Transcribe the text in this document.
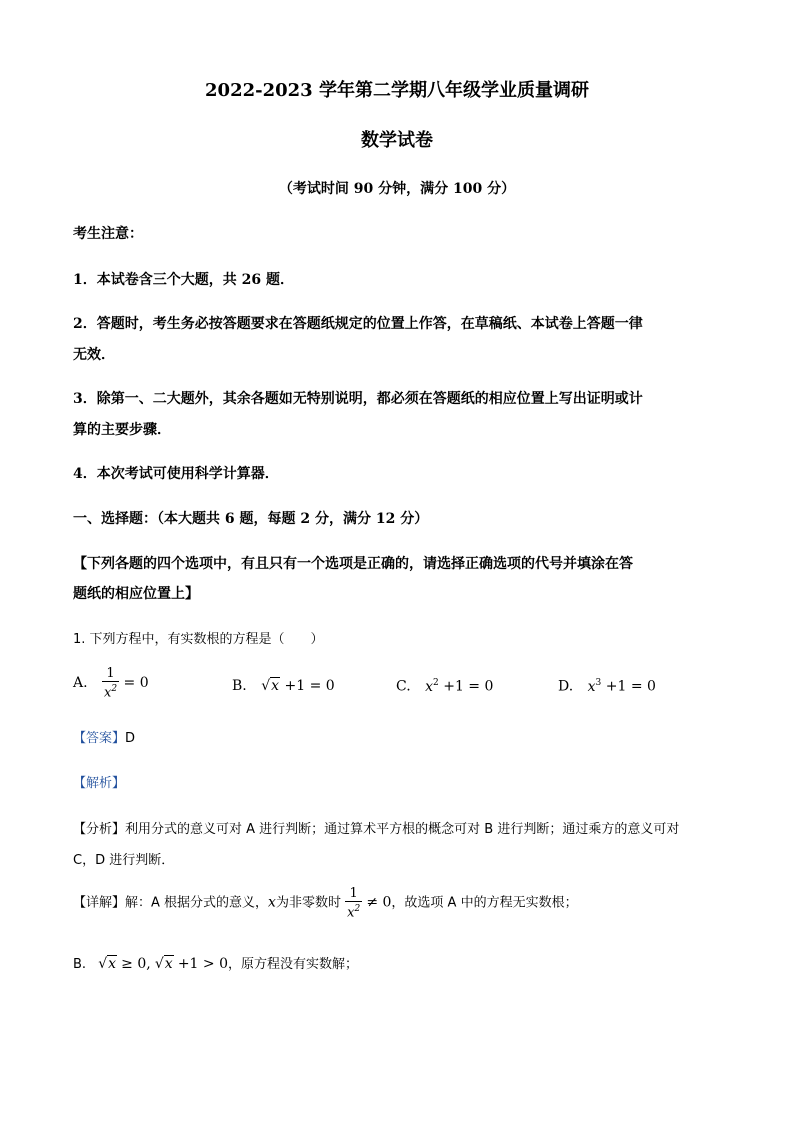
2022-2023 学年第二学期八年级学业质量调研
数学试卷
（考试时间 90 分钟，满分 100 分）
考生注意：
1．本试卷含三个大题，共 26 题．
2．答题时，考生务必按答题要求在答题纸规定的位置上作答，在草稿纸、本试卷上答题一律
无效．
3．除第一、二大题外，其余各题如无特别说明，都必须在答题纸的相应位置上写出证明或计
算的主要步骤．
4．本次考试可使用科学计算器．
一、选择题：（本大题共 6 题，每题 2 分，满分 12 分）
【下列各题的四个选项中，有且只有一个选项是正确的，请选择正确选项的代号并填涂在答
题纸的相应位置上】
1. 下列方程中，有实数根的方程是（　　）
A. $\frac{1}{x^2} = 0$	B. √x +1 = 0	C. $x^2 +1 = 0$	D. $x^3 +1 = 0$
【答案】D
【解析】
【分析】利用分式的意义可对 A 进行判断；通过算术平方根的概念可对 B 进行判断；通过乘方的意义可对
C，D 进行判断．
【详解】解：A 根据分式的意义，x为非零数时 $\frac{1}{x^2} \ne 0$，故选项 A 中的方程无实数根；
B. √x ≥ 0, √x +1 > 0，原方程没有实数解；
